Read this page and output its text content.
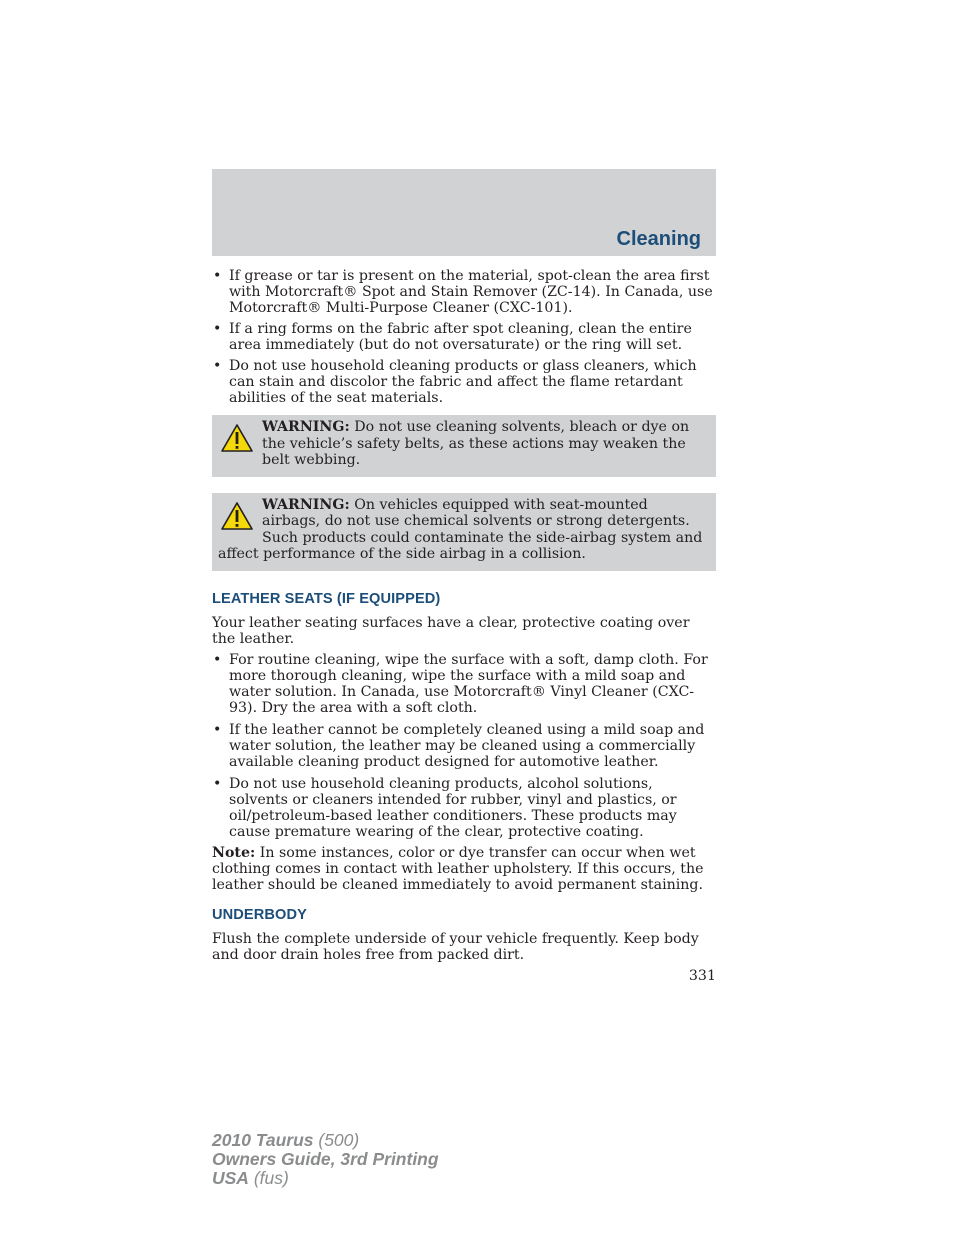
Cleaning
• If grease or tar is present on the material, spot-clean the area first with Motorcraft® Spot and Stain Remover (ZC-14). In Canada, use Motorcraft® Multi-Purpose Cleaner (CXC-101).
• If a ring forms on the fabric after spot cleaning, clean the entire area immediately (but do not oversaturate) or the ring will set.
• Do not use household cleaning products or glass cleaners, which can stain and discolor the fabric and affect the flame retardant abilities of the seat materials.
WARNING: Do not use cleaning solvents, bleach or dye on the vehicle’s safety belts, as these actions may weaken the belt webbing.
WARNING: On vehicles equipped with seat-mounted airbags, do not use chemical solvents or strong detergents. Such products could contaminate the side-airbag system and affect performance of the side airbag in a collision.
LEATHER SEATS (IF EQUIPPED)

Your leather seating surfaces have a clear, protective coating over the leather.

• For routine cleaning, wipe the surface with a soft, damp cloth. For more thorough cleaning, wipe the surface with a mild soap and water solution. In Canada, use Motorcraft® Vinyl Cleaner (CXC-93). Dry the area with a soft cloth.
• If the leather cannot be completely cleaned using a mild soap and water solution, the leather may be cleaned using a commercially available cleaning product designed for automotive leather.
• Do not use household cleaning products, alcohol solutions, solvents or cleaners intended for rubber, vinyl and plastics, or oil/petroleum-based leather conditioners. These products may cause premature wearing of the clear, protective coating.

Note: In some instances, color or dye transfer can occur when wet clothing comes in contact with leather upholstery. If this occurs, the leather should be cleaned immediately to avoid permanent staining.

UNDERBODY

Flush the complete underside of your vehicle frequently. Keep body and door drain holes free from packed dirt.

331
2010 Taurus (500)
Owners Guide, 3rd Printing
USA (fus)
